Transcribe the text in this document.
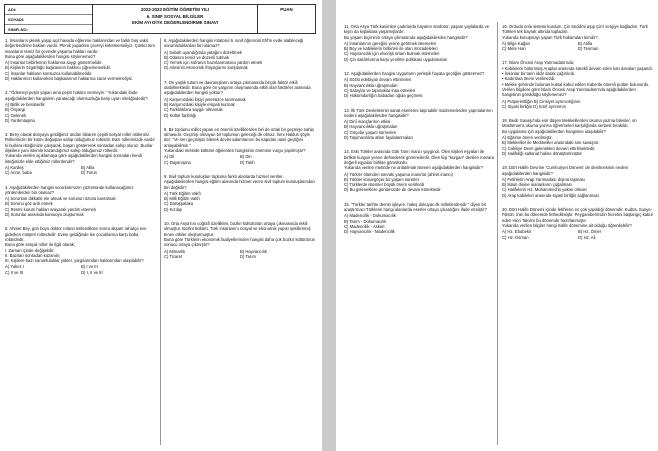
ADI:
SOYADI:
SINIFI-NO:
2022-2023 EĞİTİM ÖĞRETİM YILI
6. SINIF SOSYAL BİLGİLER
EKİM AYI DİYK DEĞERLENDİRME SINAVI
PUAN
1. İnsanların plenik yaşıp açıt havada eğlenme haklarından ve farklı boş vakit değerlendirme hakları vardır. Plenik yaparken çevreyi kirletmemeliyiz. Çünkü tüm insanların temiz bir çevrede yaşama hakları vardır.
Buna göre aşağıdakilerden hangisi söylenemez?
A) İnsanlar birbirlerinin haklarına saygı göstermelidir.
B) Kişilerin özgürlüğü başkasının hakkını çiğnememelidir.
C) İnsanlar hakların sonsuzca kullanabilmelidir.
D) Haklarımızı kullanırken başkalarının haklarına zarar vermemeliyiz.
2. "Ödemeyi peşin yapan ama peşin hüküm vermeyin." Yukarıdaki ifade aşağıdakilerden hangisinin yaratacağı olumsuzluğa karşı uyarı niteliğindedir?
A) Birlik ve beraberlik
B) Önyargı
C) Gelenek
D) Yardımlaşma
3. Birey olarak dünyaya geldiğimiz andan itibaren çeşitli sosyal roller üstleniriz. Rollerimizin bir kısmı doğuştan sahip olduğumuz rollerdir. Bazı rollerimizde vardır ki burlara isteğimizle çalışarak, başarı göstererek sonradan sahip oluruz. Bunlar ilişkilere yani istemle kazandığımız sahip olduğumuz rollerdir.
Yukarıda verilen açıklamaya göre aşağıdakilerden hangisi sonradan kendi isteğimizle elde ettiğimiz rollerdendir?
A) Kardeş	B) Abla
C) Anne, baba	D) Torun
4. Aşağıdakilerden hangisi sorunlarımızın çözümünde kullanacağımız yöntemlerden biri olamaz?
A) Sorunları dikkatle ele almak ve sorunun özünü kavramak
B) Sorunu göz ardı etmek
C) Resmi kurum hakları arayarak yardım istemek
D) Sorunlar arasında kamuoyu oluşturmak
5. Ahmet Bey, gün boyu doktor rolünü üstlendikten sonra akşam rahatça eve giderken müşteri rolündedir. Evine geldiğinde ise çocuklarına karşı baba rolündedir.
Buna göre sosyal roller ile ilgili olarak;
I. Zaman içinde değişebilir,
II. Bazıları sonradan kazanılır,
III. Kişilere bazı sorumluluklar yükler, yargılarından haklarından ulaşılabilir?
A) Yalnız I	B) I ve III
C) II ve III	D) I, II ve III
6. Aşağıdakilerden hangisi rotatorul 6. sınıf öğrencisi Elif'in evde alabileceği sorumluluklardan biri olamaz?
A) Sabah uyandığında yatağını düzeltmek
B) Odasını temiz ve düzenli tutmak
C) Yemek için sofranın hazırlanmasına yardım etmek
D) Ailesinin ekonomik ihtiyaçlarını karşılamak
7. On yaşlık tutum ve davranışların ortaya çıkmasında birçok faktör etkili olabilmektedir. Buna göre ön yargının oluşmasında etkili olan faktörler arasında aşağıdakilerden hangisi yoktur?
A) Karşımızdaki kişiyi yetersizce tanımamak
B) Karşımızdaki kişiyle empati kurmak
C) Farklılıklara saygılı olmamak
D) Kültür farklılığı
8. Bir toplumu millet yapan en önemli özelliklerden biri de ortak bir geçmişe sahip olmasıdır. Geçmişi olmayan bir toplumun geleceği de olmaz. İsmi Haldun şöyle der: "Ve sen geçmişini bilerek devlet adamlarının bu kapıdan nasıl geçtiğini anlayabilirsin."
Yukarıdaki metinde kültürel öğelerden hangisinin önemine vurgu yapılmıştır?
A) Dil	B) Din
C) Dayanışma	D) Tarih
9. Sivil toplum kuruluşları topluma farklı alanlarda hizmet verirler.
Aşağıdakilerden hangisi eğitim alanında hizmet veren sivil toplum kuruluşlarından biri değildir?
A) Türk Eğitim Vakfı
B) Milli Eğitim Vakfı
C) Darüşşafaka
D) Kızılay
10. Orta Asya'nın coğrafi özellikleri, bozkır kültürünün ortaya çıkmasında etkili olmuştur. Bozkır kültürü, Türk insanlarını sosyal ve ekonomik yapısı şekillenmiş tenev etkiler oluşturmuştur.
Buna göre Türklerin ekonomik faaliyetlerinden hangisi daha çok bozkır kültürünün sonucu ortaya çıkmıştır?
A) Mimarlık	B) Hayvancılık
C) Ticaret	D) Tarım
11. Orta Asya Türk kavimleri çadırlarda hayatını sürdürür, yaşam yaylalarda ve kışın da kışlaklara yaşamışlardır.
Bu yaşam biçiminin ortaya çıkmasında aşağıdakilerden hangisidir?
A) İnsanlarının gereğini yerine getirmek istemeleri
B) Boy ve kabilelerin birbirleri ile olan mücadeleleri
C) Hayvancılık için elverişli ortam bulmak istemeleri
D) Çin saldırılarına karşı yenilme politikası uygulamaları
12. Aşağıdakilerden hangisi Uygurların yerleşik hayata geçtiğini göstermez?
A) Sözlü edebiyatı devam ettirmeleri
B) Hayvancılıkla uğraşmaları
C) Saraylar ve tapınaklar inşa etmeleri
D) Hükümdarlığın babadan oğula geçmesi
13. İlk Türk Devletlerinin sanat eserlerini taşınabilir malzemelerden yapmalarının nedeni aşağıdakilerden hangisidir?
A) Dinî inançlarının etkisi
B) Hayvancılıkla uğraşmaları
C) Göçebe yaşam sürmeleri
D) Taşımacılıkta atları faydalanmaları
14. Eski Türkler arasında Gök Tanrı inancı yaygındı. Ölen kişileri eşyaları ile birlikte kurgan yerine defnederek gömmelerdir. Ölen kişi "kurgan" denilen mezara değerli eşyaları birlikte gömülürdü.
Yukarıda verilen metinde ne anlatılmak istenen aşağıdakilerden hangisidir?
A) Türkler ölümden sonraki yaşama inanırlar (ahiret inancı)
B) Türkler konargöçer bir yaşam sürerler
C) Türklerde istemler büyük önem verirlerdi
D) Bu geleneklere günümüzde de devam etmektedir
15. "Türkler tarihte demiri işleyen, hakış dokuyan ilk milletlerdendir." diyen bir araştırmacı Türklerin hangi alanlarda eserler ortaya çıkardığını ifade etmiştir?
A) Madencilik - Dokumacılık
B) Tarım - Dokumacılık
C) Madencilik - Askeri
D) Hayvancılık - Madencilik
16. Orduda onlu sistemi kurdum. Çin Seddi'ni aşıp Çin'i vergiye bağladım. Türk Türkleri tek bayrak altında topladım.
Yukarıda konuşmayı yapan Türk hükümdarı kimdir?
A) Bilge Kağan	B) Atilla
C) Mete Han	D) Teoman
17. İslam Öncesi Arap Yarımadası'nda;
• Kabilelere bölünmüş Araplar arasında sürekli devam eden kan davaları yaşandı.
• İnsanlar bir tanrı iddir darak çağırılırdı.
• Kadınlara önem verilmezdi.
• Mekke şehrinde bulunan kutsal kabul edilen Kabe'de önemli putları bulunurdu.
Verilen bilgilere göre İslam Öncesi Arap Yarımadası'nda aşağıdakilerden hangisinin görüldüğü söylenemez?
A) Putperestliğin B) Cinsiyet ayrımcılığının
C) Siyasi birliğin D) Sınıf ayrımının
18. Bedir Savaşı'nda esir düşen Mekkelilerden okuma yazma bilenler, on Müslüman'a okuma yazma öğretmeleri karşılığında serbest bırakıldı.
Bu uygulama için aşağıdakilerden hangisine ulaşılabilir?
A) Eğitime önem verilmiştir.
B) Mekkeliler ile Medineliler arasındaki son savaşıtır.
C) Cahiliye Devri gelenekleri devam ettirilmektedir.
D) Halifeliği saltanat haline dönüştürmüştür
19. Dört Halife Devrine 'Cumhuriyet Dönemi' de denilmesinin nedeni aşağıdakilerden hangisidir?
A) Fetihlerin Arap Yarımadası dışına taşması
B) İslam dinine inananların çoğalması
C) Halifelerin Hz. Muhammed'in yakını olması
D) Arap kabileleri arasında siyasi birliğin sağlanması
20. Dört Halife Dönemi içinde fetihlerin en çok yapıldığı dönemdir. Kudüs, Suriye-Filistin, İran bu dönemde fethedilmiştir. Peygamberimizin hicretini başlangıç kabul eden Hicri Takvim bu dönemde hazırlanmıştır.
Yukarıda verilen bilgiler hangi halife dönemine ait olduğu öğrenilebilir?
A) Hz. Ebubekir	B) Hz. Ömer
C) Hz. Osman	D) Hz. Ali
